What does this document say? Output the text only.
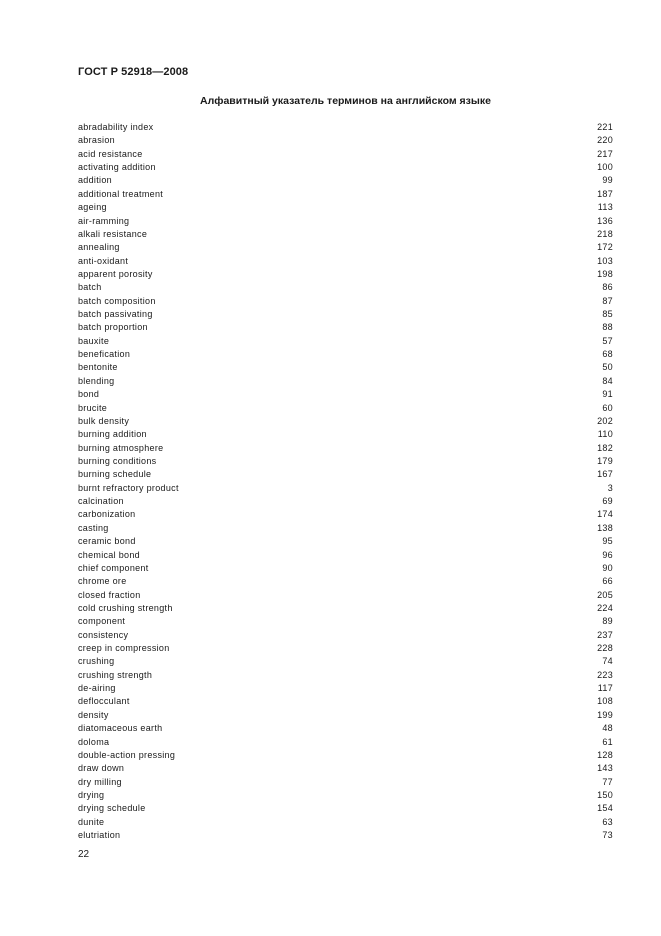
ГОСТ Р 52918—2008
Алфавитный указатель терминов на английском языке
abradability index	221
abrasion	220
acid resistance	217
activating addition	100
addition	99
additional treatment	187
ageing	113
air-ramming	136
alkali resistance	218
annealing	172
anti-oxidant	103
apparent porosity	198
batch	86
batch composition	87
batch passivating	85
batch proportion	88
bauxite	57
benefication	68
bentonite	50
blending	84
bond	91
brucite	60
bulk density	202
burning addition	110
burning atmosphere	182
burning conditions	179
burning schedule	167
burnt refractory product	3
calcination	69
carbonization	174
casting	138
ceramic bond	95
chemical bond	96
chief component	90
chrome ore	66
closed fraction	205
cold crushing strength	224
component	89
consistency	237
creep in compression	228
crushing	74
crushing strength	223
de-airing	117
deflocculant	108
density	199
diatomaceous earth	48
doloma	61
double-action pressing	128
draw down	143
dry milling	77
drying	150
drying schedule	154
dunite	63
elutriation	73
22
